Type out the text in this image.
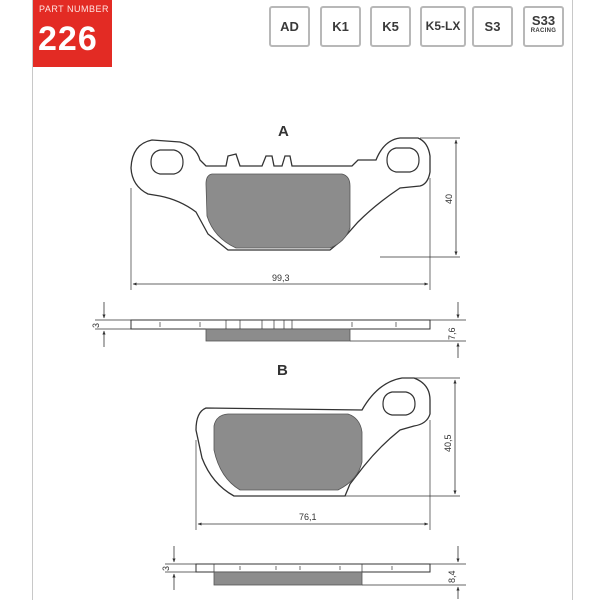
PART NUMBER
226	AD	K1	K5	K5-LX	S3	S33
RACING
A
40
99,3
3
7,6
B
40,5
76,1
3
8,4
